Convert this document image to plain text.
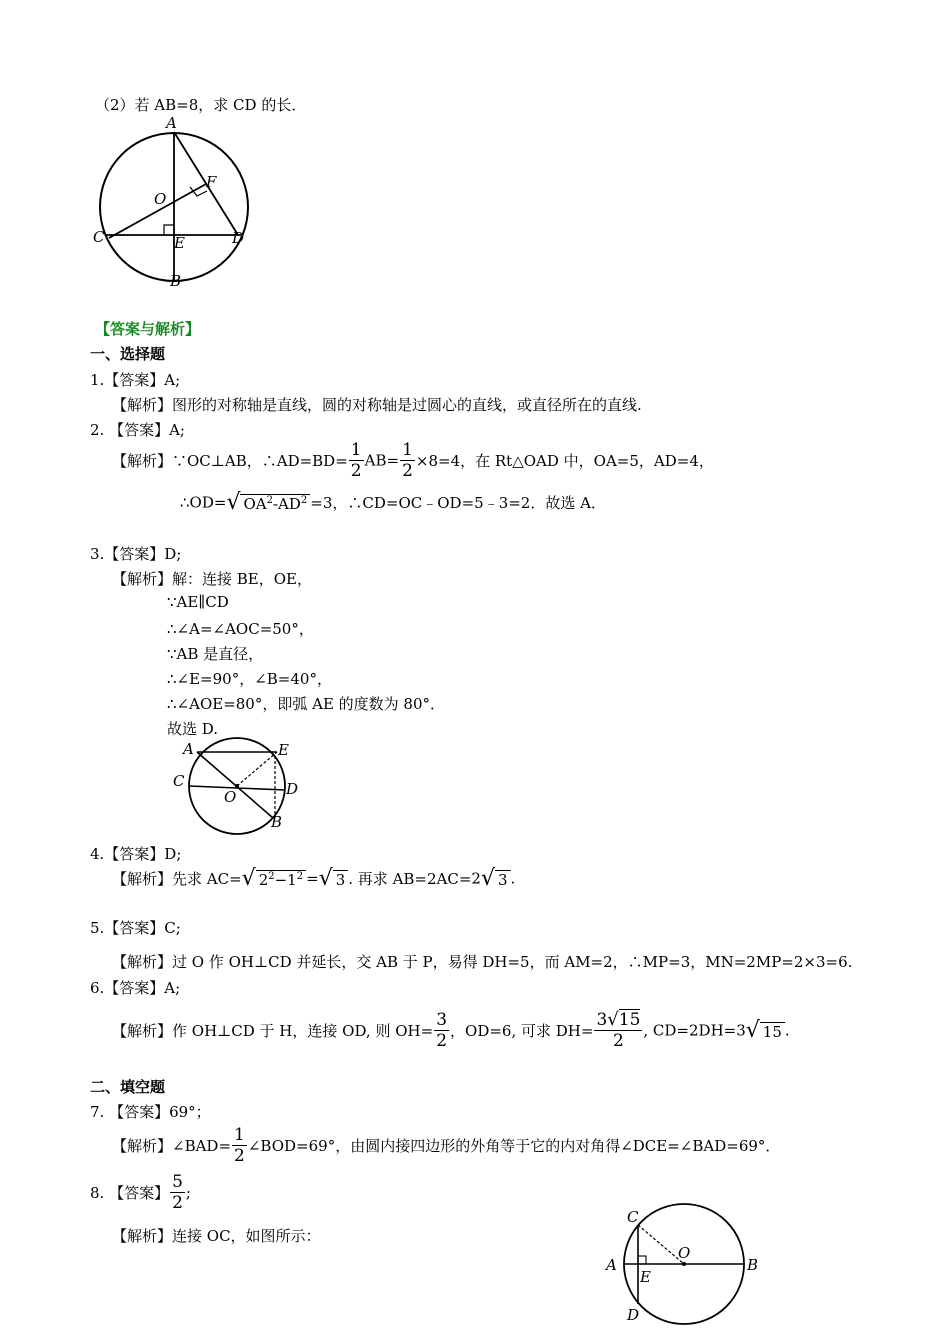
（2）若 AB=8，求 CD 的长．
A
F
O
C	E	D
B
【答案与解析】
一、选择题
1.【答案】A;
【解析】图形的对称轴是直线，圆的对称轴是过圆心的直线，或直径所在的直线.
2. 【答案】A;
【解析】∵OC⊥AB，∴AD=BD= $\frac{1}{2} AB= \frac{1}{2} \times 8=4$，在 Rt△OAD 中，OA=5，AD=4，
∴OD=√ $OA^2-AD^2 =3$，∴CD=OC﹣OD=5﹣3=2．故选 A．
3.【答案】D;
【解析】解：连接 BE，OE，
∵AE∥CD
∴∠A=∠AOC=50°，
∵AB 是直径，
∴∠E=90°，∠B=40°，
∴∠AOE=80°，即弧 AE 的度数为 80°．
故选 D.
A	E
C
O	D
B
4.【答案】D;
【解析】先求 AC=√ $2^2-1^2$ =√ 3 . 再求 AB=2AC=2√ 3 .
5.【答案】C;
【解析】过 O 作 OH⊥CD 并延长，交 AB 于 P，易得 DH=5，而 AM=2，∴MP=3，MN=2MP=2×3=6.
6.【答案】A;
【解析】作 OH⊥CD 于 H，连接 OD, 则 $OH= \frac{3}{2}$ ，OD=6, 可求 $DH= \frac{3√15}{2}$ , CD=2DH=3√ 15 .
二、填空题
7. 【答案】69°；
【解析】∠BAD= $\frac{1}{2}$ ∠BOD=69°，由圆内接四边形的外角等于它的内对角得∠DCE=∠BAD=69°．
8. 【答案】 $\frac{5}{2}$ ;
【解析】连接 OC，如图所示：
C
O
A
E
B
D
